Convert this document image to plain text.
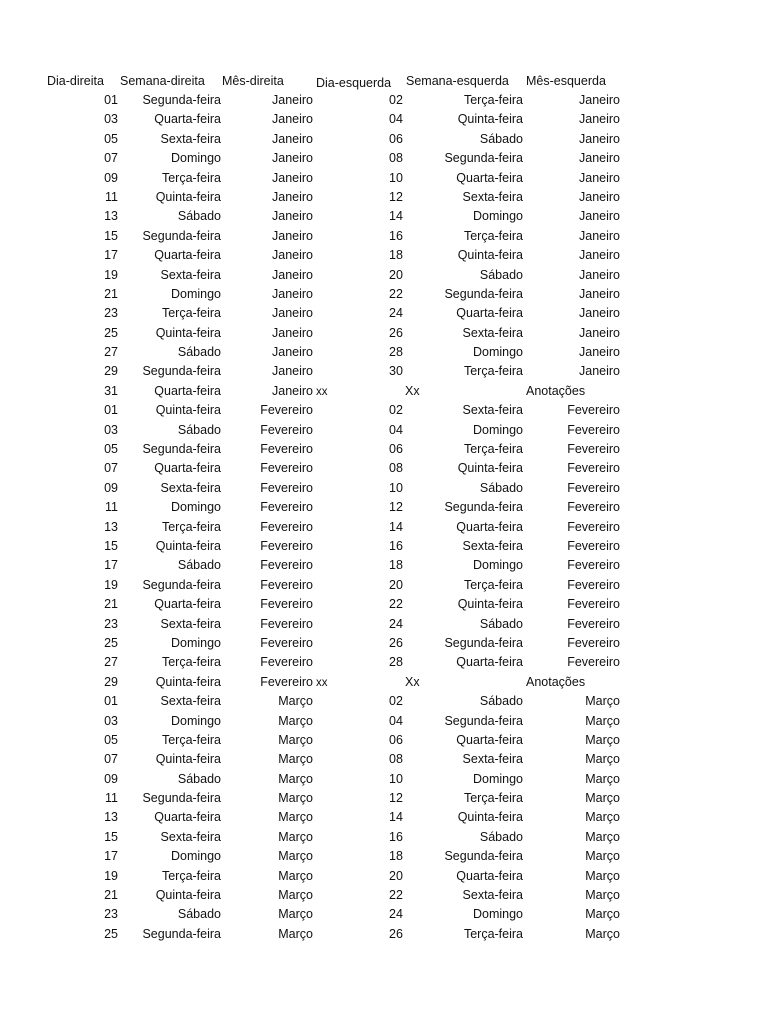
Dia-direita Semana-direita Mês-direita	Dia-esquerda Semana-esquerda Mês-esquerda
01 Segunda-feira	Janeiro	02	Terça-feira	Janeiro
03	Quarta-feira	Janeiro	04	Quinta-feira	Janeiro
05	Sexta-feira	Janeiro	06	Sábado	Janeiro
07	Domingo	Janeiro	08	Segunda-feira	Janeiro
09	Terça-feira	Janeiro	10	Quarta-feira	Janeiro
11	Quinta-feira	Janeiro	12	Sexta-feira	Janeiro
13	Sábado	Janeiro	14	Domingo	Janeiro
15 Segunda-feira	Janeiro	16	Terça-feira	Janeiro
17	Quarta-feira	Janeiro	18	Quinta-feira	Janeiro
19	Sexta-feira	Janeiro	20	Sábado	Janeiro
21	Domingo	Janeiro	22	Segunda-feira	Janeiro
23	Terça-feira	Janeiro	24	Quarta-feira	Janeiro
25	Quinta-feira	Janeiro	26	Sexta-feira	Janeiro
27	Sábado	Janeiro	28	Domingo	Janeiro
29 Segunda-feira	Janeiro	30	Terça-feira	Janeiro
31	Quarta-feira	Janeiro xx	Xx	Anotações
01	Quinta-feira	Fevereiro	02	Sexta-feira	Fevereiro
03	Sábado	Fevereiro	04	Domingo	Fevereiro
05 Segunda-feira	Fevereiro	06	Terça-feira	Fevereiro
07	Quarta-feira	Fevereiro	08	Quinta-feira	Fevereiro
09	Sexta-feira	Fevereiro	10	Sábado	Fevereiro
11	Domingo	Fevereiro	12	Segunda-feira	Fevereiro
13	Terça-feira	Fevereiro	14	Quarta-feira	Fevereiro
15	Quinta-feira	Fevereiro	16	Sexta-feira	Fevereiro
17	Sábado	Fevereiro	18	Domingo	Fevereiro
19 Segunda-feira	Fevereiro	20	Terça-feira	Fevereiro
21	Quarta-feira	Fevereiro	22	Quinta-feira	Fevereiro
23	Sexta-feira	Fevereiro	24	Sábado	Fevereiro
25	Domingo	Fevereiro	26	Segunda-feira	Fevereiro
27	Terça-feira	Fevereiro	28	Quarta-feira	Fevereiro
29	Quinta-feira	Fevereiro xx	Xx	Anotações
01	Sexta-feira	Março	02	Sábado	Março
03	Domingo	Março	04	Segunda-feira	Março
05	Terça-feira	Março	06	Quarta-feira	Março
07	Quinta-feira	Março	08	Sexta-feira	Março
09	Sábado	Março	10	Domingo	Março
11 Segunda-feira	Março	12	Terça-feira	Março
13	Quarta-feira	Março	14	Quinta-feira	Março
15	Sexta-feira	Março	16	Sábado	Março
17	Domingo	Março	18	Segunda-feira	Março
19	Terça-feira	Março	20	Quarta-feira	Março
21	Quinta-feira	Março	22	Sexta-feira	Março
23	Sábado	Março	24	Domingo	Março
25 Segunda-feira	Março	26	Terça-feira	Março
